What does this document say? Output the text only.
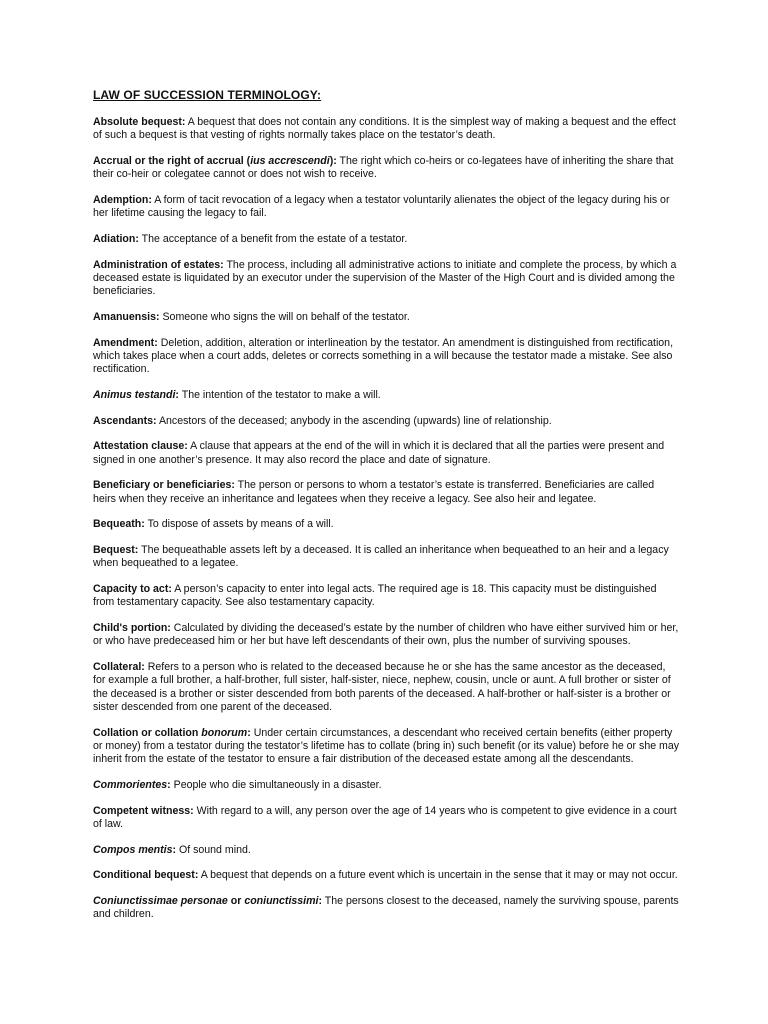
LAW OF SUCCESSION TERMINOLOGY:

Absolute bequest: A bequest that does not contain any conditions. It is the simplest way of making a bequest and the effect of such a bequest is that vesting of rights normally takes place on the testator’s death.

Accrual or the right of accrual (ius accrescendi): The right which co-heirs or co-legatees have of inheriting the share that their co-heir or colegatee cannot or does not wish to receive.

Ademption: A form of tacit revocation of a legacy when a testator voluntarily alienates the object of the legacy during his or her lifetime causing the legacy to fail.

Adiation: The acceptance of a benefit from the estate of a testator.

Administration of estates: The process, including all administrative actions to initiate and complete the process, by which a deceased estate is liquidated by an executor under the supervision of the Master of the High Court and is divided among the beneficiaries.

Amanuensis: Someone who signs the will on behalf of the testator.

Amendment: Deletion, addition, alteration or interlineation by the testator. An amendment is distinguished from rectification, which takes place when a court adds, deletes or corrects something in a will because the testator made a mistake. See also rectification.

Animus testandi: The intention of the testator to make a will.

Ascendants: Ancestors of the deceased; anybody in the ascending (upwards) line of relationship.

Attestation clause: A clause that appears at the end of the will in which it is declared that all the parties were present and signed in one another’s presence. It may also record the place and date of signature.

Beneficiary or beneficiaries: The person or persons to whom a testator’s estate is transferred. Beneficiaries are called heirs when they receive an inheritance and legatees when they receive a legacy. See also heir and legatee.

Bequeath: To dispose of assets by means of a will.

Bequest: The bequeathable assets left by a deceased. It is called an inheritance when bequeathed to an heir and a legacy when bequeathed to a legatee.

Capacity to act: A person’s capacity to enter into legal acts. The required age is 18. This capacity must be distinguished from testamentary capacity. See also testamentary capacity.

Child's portion: Calculated by dividing the deceased’s estate by the number of children who have either survived him or her, or who have predeceased him or her but have left descendants of their own, plus the number of surviving spouses.

Collateral: Refers to a person who is related to the deceased because he or she has the same ancestor as the deceased, for example a full brother, a half-brother, full sister, half-sister, niece, nephew, cousin, uncle or aunt. A full brother or sister of the deceased is a brother or sister descended from both parents of the deceased. A half-brother or half-sister is a brother or sister descended from one parent of the deceased.

Collation or collation bonorum: Under certain circumstances, a descendant who received certain benefits (either property or money) from a testator during the testator’s lifetime has to collate (bring in) such benefit (or its value) before he or she may inherit from the estate of the testator to ensure a fair distribution of the deceased estate among all the descendants.

Commorientes: People who die simultaneously in a disaster.

Competent witness: With regard to a will, any person over the age of 14 years who is competent to give evidence in a court of law.

Compos mentis: Of sound mind.

Conditional bequest: A bequest that depends on a future event which is uncertain in the sense that it may or may not occur.

Coniunctissimae personae or coniunctissimi: The persons closest to the deceased, namely the surviving spouse, parents and children.
